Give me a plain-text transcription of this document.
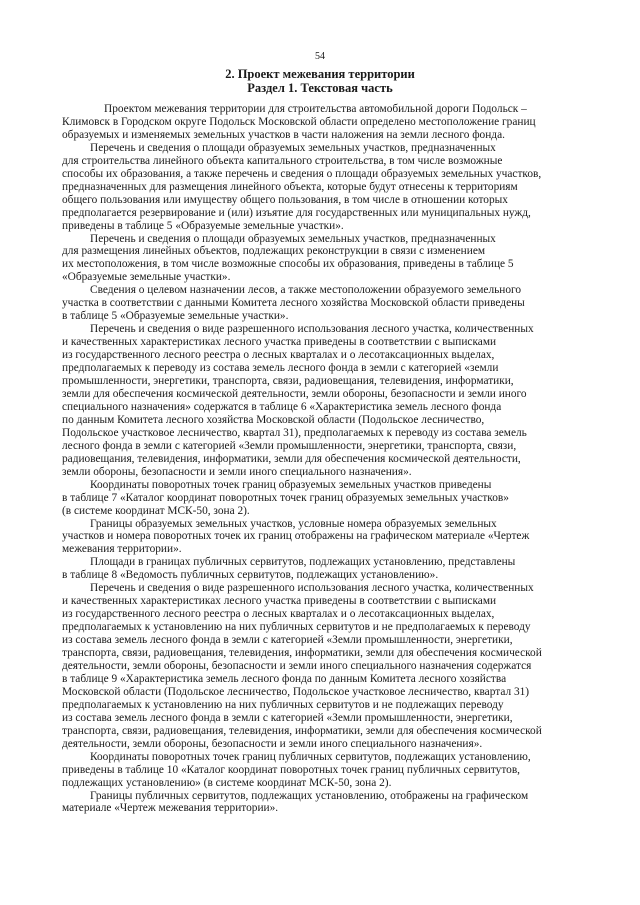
54
2. Проект межевания территории
Раздел 1. Текстовая часть

Проектом межевания территории для строительства автомобильной дороги Подольск –
Климовск в Городском округе Подольск Московской области определено местоположение границ
образуемых и изменяемых земельных участков в части наложения на земли лесного фонда.

Перечень и сведения о площади образуемых земельных участков, предназначенных
для строительства линейного объекта капитального строительства, в том числе возможные
способы их образования, а также перечень и сведения о площади образуемых земельных участков,
предназначенных для размещения линейного объекта, которые будут отнесены к территориям
общего пользования или имуществу общего пользования, в том числе в отношении которых
предполагается резервирование и (или) изъятие для государственных или муниципальных нужд,
приведены в таблице 5 «Образуемые земельные участки».

Перечень и сведения о площади образуемых земельных участков, предназначенных
для размещения линейных объектов, подлежащих реконструкции в связи с изменением
их местоположения, в том числе возможные способы их образования, приведены в таблице 5
«Образуемые земельные участки».

Сведения о целевом назначении лесов, а также местоположении образуемого земельного
участка в соответствии с данными Комитета лесного хозяйства Московской области приведены
в таблице 5 «Образуемые земельные участки».

Перечень и сведения о виде разрешенного использования лесного участка, количественных
и качественных характеристиках лесного участка приведены в соответствии с выписками
из государственного лесного реестра о лесных кварталах и о лесотаксационных выделах,
предполагаемых к переводу из состава земель лесного фонда в земли с категорией «земли
промышленности, энергетики, транспорта, связи, радиовещания, телевидения, информатики,
земли для обеспечения космической деятельности, земли обороны, безопасности и земли иного
специального назначения» содержатся в таблице 6 «Характеристика земель лесного фонда
по данным Комитета лесного хозяйства Московской области (Подольское лесничество,
Подольское участковое лесничество, квартал 31), предполагаемых к переводу из состава земель
лесного фонда в земли с категорией «Земли промышленности, энергетики, транспорта, связи,
радиовещания, телевидения, информатики, земли для обеспечения космической деятельности,
земли обороны, безопасности и земли иного специального назначения».

Координаты поворотных точек границ образуемых земельных участков приведены
в таблице 7 «Каталог координат поворотных точек границ образуемых земельных участков»
(в системе координат МСК-50, зона 2).

Границы образуемых земельных участков, условные номера образуемых земельных
участков и номера поворотных точек их границ отображены на графическом материале «Чертеж
межевания территории».

Площади в границах публичных сервитутов, подлежащих установлению, представлены
в таблице 8 «Ведомость публичных сервитутов, подлежащих установлению».

Перечень и сведения о виде разрешенного использования лесного участка, количественных
и качественных характеристиках лесного участка приведены в соответствии с выписками
из государственного лесного реестра о лесных кварталах и о лесотаксационных выделах,
предполагаемых к установлению на них публичных сервитутов и не предполагаемых к переводу
из состава земель лесного фонда в земли с категорией «Земли промышленности, энергетики,
транспорта, связи, радиовещания, телевидения, информатики, земли для обеспечения космической
деятельности, земли обороны, безопасности и земли иного специального назначения содержатся
в таблице 9 «Характеристика земель лесного фонда по данным Комитета лесного хозяйства
Московской области (Подольское лесничество, Подольское участковое лесничество, квартал 31)
предполагаемых к установлению на них публичных сервитутов и не подлежащих переводу
из состава земель лесного фонда в земли с категорией «Земли промышленности, энергетики,
транспорта, связи, радиовещания, телевидения, информатики, земли для обеспечения космической
деятельности, земли обороны, безопасности и земли иного специального назначения».

Координаты поворотных точек границ публичных сервитутов, подлежащих установлению,
приведены в таблице 10 «Каталог координат поворотных точек границ публичных сервитутов,
подлежащих установлению» (в системе координат МСК-50, зона 2).

Границы публичных сервитутов, подлежащих установлению, отображены на графическом
материале «Чертеж межевания территории».
